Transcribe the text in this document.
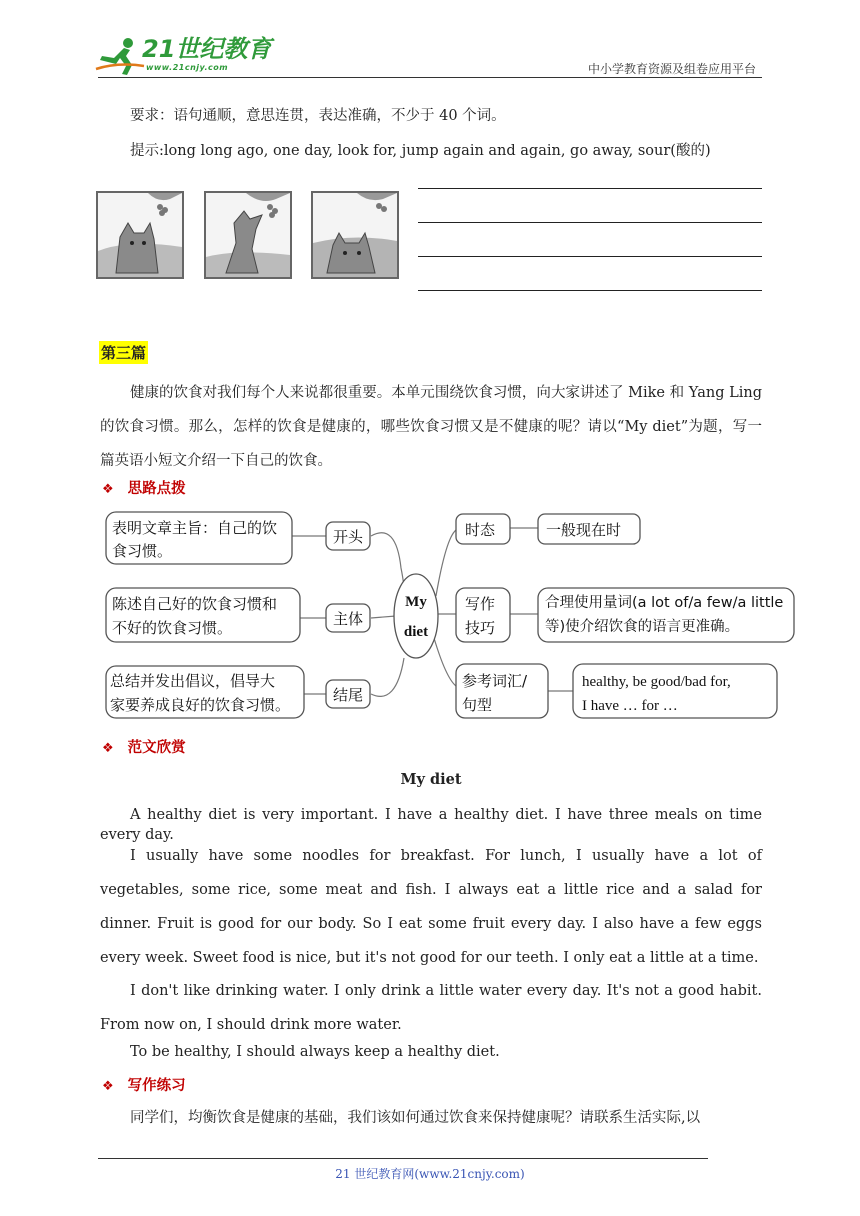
21世纪教育
www.21cnjy.com	中小学教育资源及组卷应用平台
要求：语句通顺，意思连贯，表达准确，不少于 40 个词。
提示:long long ago, one day, look for, jump again and again, go away, sour(酸的)
第三篇
健康的饮食对我们每个人来说都很重要。本单元围绕饮食习惯，向大家讲述了 Mike 和 Yang Ling 的饮食习惯。那么，怎样的饮食是健康的，哪些饮食习惯又是不健康的呢？请以“My diet”为题，写一篇英语小短文介绍一下自己的饮食。
❖ 思路点拨
表明文章主旨：自己的饮
食习惯。
陈述自己好的饮食习惯和
不好的饮食习惯。
总结并发出倡议，倡导大
家要养成良好的饮食习惯。
开头
主体
结尾
My
diet
时态	一般现在时
写作
技巧
合理使用量词(a lot of/a few/a little
等)使介绍饮食的语言更准确。
参考词汇/
句型
healthy, be good/bad for,
I have … for …
❖ 范文欣赏
My diet
A healthy diet is very important. I have a healthy diet. I have three meals on time every day.
I usually have some noodles for breakfast. For lunch, I usually have a lot of vegetables, some rice, some meat and fish. I always eat a little rice and a salad for dinner. Fruit is good for our body. So I eat some fruit every day. I also have a few eggs every week. Sweet food is nice, but it's not good for our teeth. I only eat a little at a time.
I don't like drinking water. I only drink a little water every day. It's not a good habit. From now on, I should drink more water.
To be healthy, I should always keep a healthy diet.
❖ 写作练习
同学们，均衡饮食是健康的基础，我们该如何通过饮食来保持健康呢？请联系生活实际,以
21 世纪教育网(www.21cnjy.com)
